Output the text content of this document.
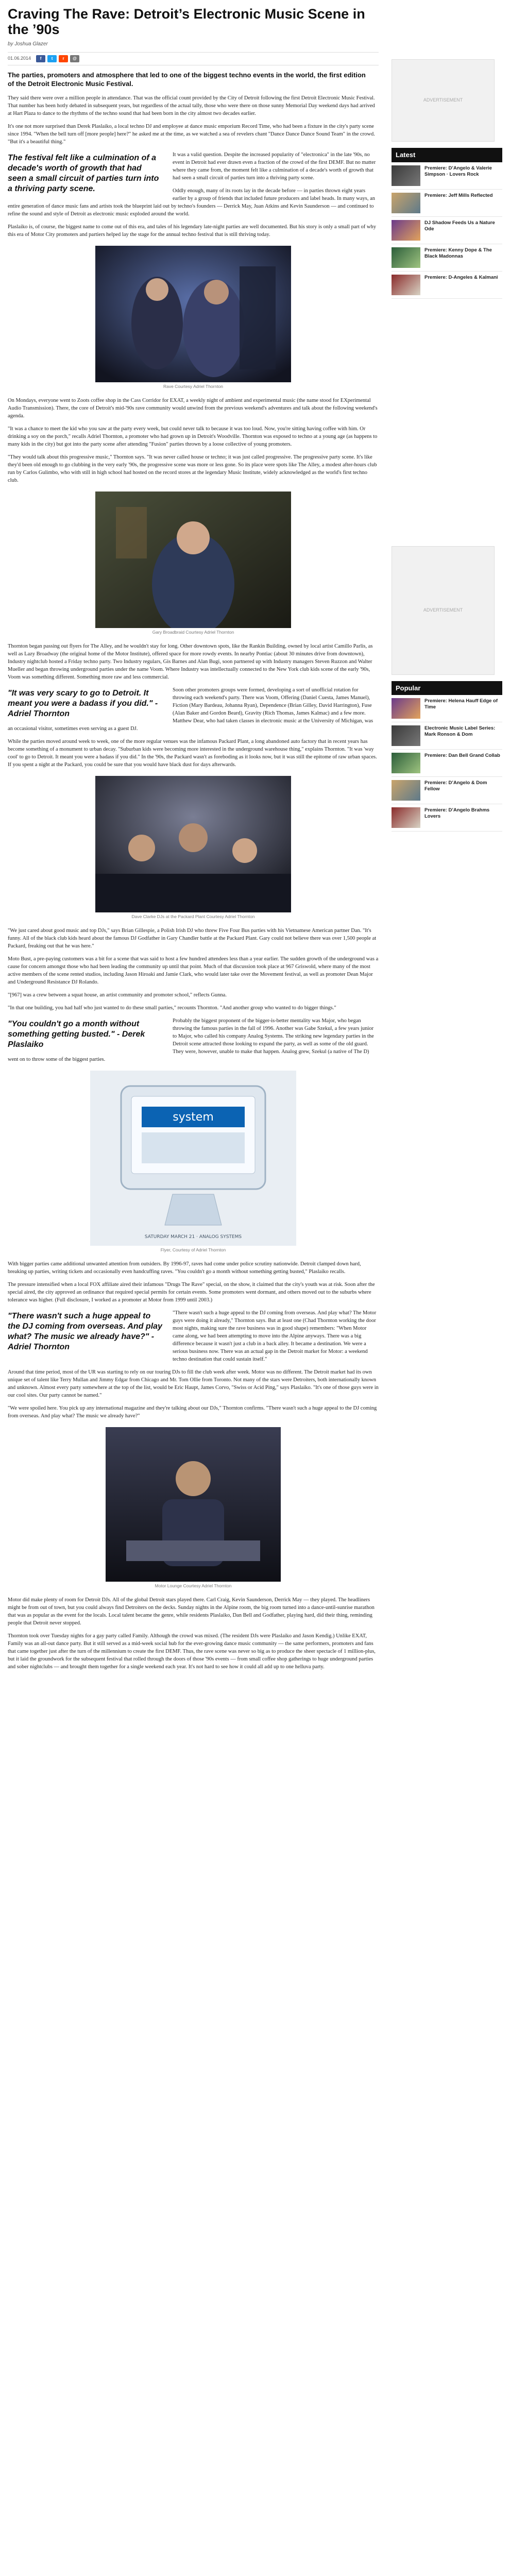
Craving The Rave: Detroit’s Electronic Music Scene in the ’90s
by Joshua Glazer
01.06.2014	f	t	r	@
The parties, promoters and atmosphere that led to one of the biggest techno events in the world, the first edition of the Detroit Electronic Music Festival.

They said there were over a million people in attendance. That was the official count provided by the City of Detroit following the first Detroit Electronic Music Festival. That number has been hotly debated in subsequent years, but regardless of the actual tally, those who were there on those sunny Memorial Day weekend days had arrived at Hart Plaza to dance to the rhythms of the techno sound that had been born in the city almost two decades earlier.

It's one not more surprised than Derek Plaslaiko, a local techno DJ and employee at dance music emporium Record Time, who had been a fixture in the city's party scene since 1994. "When the bell turn off [more people] here?" he asked me at the time, as we watched a sea of revelers chant "Dance Dance Dance Sound Team" in the crowd. "But it's a beautiful thing."

The festival felt like a culmination of a decade's worth of growth that had seen a small circuit of parties turn into a thriving party scene.

It was a valid question. Despite the increased popularity of "electronica" in the late '90s, no event in Detroit had ever drawn even a fraction of the crowd of the first DEMF. But no matter where they came from, the moment felt like a culmination of a decade's worth of growth that had seen a small circuit of parties turn into a thriving party scene.

Oddly enough, many of its roots lay in the decade before — in parties thrown eight years earlier by a group of friends that included future producers and label heads. In many ways, an entire generation of dance music fans and artists took the blueprint laid out by techno's founders — Derrick May, Juan Atkins and Kevin Saunderson — and continued to refine the sound and style of Detroit as electronic music exploded around the world.

Plaslaiko is, of course, the biggest name to come out of this era, and tales of his legendary late-night parties are well documented. But his story is only a small part of why this era of Motor City promoters and partiers helped lay the stage for the annual techno festival that is still thriving today.

Rave Courtesy Adriel Thornton

On Mondays, everyone went to Zoots coffee shop in the Cass Corridor for EXAT, a weekly night of ambient and experimental music (the name stood for EXperimental Audio Transmission). There, the core of Detroit's mid-'90s rave community would unwind from the previous weekend's adventures and talk about the following weekend's agenda.

"It was a chance to meet the kid who you saw at the party every week, but could never talk to because it was too loud. Now, you're sitting having coffee with him. Or drinking a soy on the porch," recalls Adriel Thornton, a promoter who had grown up in Detroit's Woodville. Thornton was exposed to techno at a young age (as happens to many kids in the city) but got into the party scene after attending "Fusion" parties thrown by a loose collective of young promoters.

"They would talk about this progressive music," Thornton says. "It was never called house or techno; it was just called progressive. The progressive party scene. It's like they'd been old enough to go clubbing in the very early '90s, the progressive scene was more or less gone. So its place were spots like The Alley, a modest after-hours club run by Carlos Gulimbo, who with still in high school had hosted on the record stores at the legendary Music Institute, widely acknowledged as the world's first techno club.

Gary Broadbraid Courtesy Adriel Thornton

Thornton began passing out flyers for The Alley, and he wouldn't stay for long. Other downtown spots, like the Rankin Building, owned by local artist Camillo Parlis, as well as Lazy Broadway (the original home of the Motor Institute), offered space for more rowdy events. In nearby Pontiac (about 30 minutes drive from downtown), Industry nightclub hosted a Friday techno party. Two Industry regulars, Gis Barnes and Alan Bugi, soon partnered up with Industry managers Steven Ruzzon and Walter Mueller and began throwing underground parties under the name Voom. Where Industry was intellectually connected to the New York club kids scene of the early '90s, Voom was something different. Something more raw and less commercial.

"It was very scary to go to Detroit. It meant you were a badass if you did." - Adriel Thornton

Soon other promoters groups were formed, developing a sort of unofficial rotation for throwing each weekend's party. There was Voom, Offering (Daniel Cuesta, James Manuel), Fiction (Mary Bardeau, Johanna Ryan), Dependence (Brian Gilley, David Harrington), Fuse (Alan Baker and Gordon Beard), Gravity (Rich Thomas, James Kalmac) and a few more. Matthew Dear, who had taken classes in electronic music at the University of Michigan, was an occasional visitor, sometimes even serving as a guest DJ.

While the parties moved around week to week, one of the more regular venues was the infamous Packard Plant, a long abandoned auto factory that in recent years has become something of a monument to urban decay. "Suburban kids were becoming more interested in the underground warehouse thing," explains Thornton. "It was 'way cool' to go to Detroit. It meant you were a badass if you did." In the '90s, the Packard wasn't as foreboding as it looks now, but it was still the epitome of raw urban spaces. If you spent a night at the Packard, you could be sure that you would have black dust for days afterwards.

Dave Clarke DJs at the Packard Plant Courtesy Adriel Thornton

"We just cared about good music and top DJs," says Brian Gillespie, a Polish Irish DJ who threw Five Four Bus parties with his Vietnamese American partner Dan. "It's funny. All of the black club kids heard about the famous DJ Godfather in Gary Chandler battle at the Packard Plant. Gary could not believe there was over 1,500 people at Packard, freaking out that he was here."

Moto Bust, a pre-paying customers was a bit for a scene that was said to host a few hundred attendees less than a year earlier. The sudden growth of the underground was a cause for concern amongst those who had been leading the community up until that point. Much of that discussion took place at 967 Griswold, where many of the most active members of the scene rented studios, including Jason Hiroaki and Jamie Clark, who would later take over the Movement festival, as well as promoter Dean Major and Underground Resistance DJ Rolando.

"[967] was a crew between a squat house, an artist community and promoter school," reflects Gunna.

"In that one building, you had half who just wanted to do these small parties," recounts Thornton. "And another group who wanted to do bigger things."

"You couldn't go a month without something getting busted." - Derek Plaslaiko

Probably the biggest proponent of the bigger-is-better mentality was Major, who began throwing the famous parties in the fall of 1996. Another was Gabe Szekul, a few years junior to Major, who called his company Analog Systems. The striking new legendary parties in the Detroit scene attracted those looking to expand the party, as well as some of the old guard. They were, however, unable to make that happen. Analog grew, Szekul (a native of The D) went on to throw some of the biggest parties.

system
SATURDAY MARCH 21 · ANALOG SYSTEMS
Flyer, Courtesy of Adriel Thornton

With bigger parties came additional unwanted attention from outsiders. By 1996-97, raves had come under police scrutiny nationwide. Detroit clamped down hard, breaking up parties, writing tickets and occasionally even handcuffing raves. "You couldn't go a month without something getting busted," Plaslaiko recalls.

The pressure intensified when a local FOX affiliate aired their infamous "Drugs The Rave" special, on the show, it claimed that the city's youth was at risk. Soon after the special aired, the city approved an ordinance that required special permits for certain events. Some promoters went dormant, and others moved out to the suburbs where tolerance was higher. (Full disclosure, I worked as a promoter at Motor from 1999 until 2003.)

"There wasn't such a huge appeal to the DJ coming from overseas. And play what? The music we already have?" - Adriel Thornton

"There wasn't such a huge appeal to the DJ coming from overseas. And play what? The Motor guys were doing it already," Thornton says. But at least one (Chad Thornton working the door most nights, making sure the rave business was in good shape) remembers: "When Motor came along, we had been attempting to move into the Alpine anyways. There was a big difference because it wasn't just a club in a back alley. It became a destination. We were a serious business now. There was an actual gap in the Detroit market for Motor: a weekend techno destination that could sustain itself."

Around that time period, most of the UR was starting to rely on our touring DJs to fill the club week after week. Motor was no different. The Detroit market had its own unique set of talent like Terry Mullan and Jimmy Edgar from Chicago and Mr. Tom Ollie from Toronto. Not many of the stars were Detroiters, both internationally known and unknown. Almost every party somewhere at the top of the list, would be Eric Haupt, James Corvo, "Swiss or Acid Ping," says Plaslaiko. "It's one of those guys were in our cool sites. Our party cannot be named."

"We were spoiled here. You pick up any international magazine and they're talking about our DJs," Thornton confirms. "There wasn't such a huge appeal to the DJ coming from overseas. And play what? The music we already have?"

Motor Lounge Courtesy Adriel Thornton

Motor did make plenty of room for Detroit DJs. All of the global Detroit stars played there. Carl Craig, Kevin Saunderson, Derrick May — they played. The headliners might be from out of town, but you could always find Detroiters on the decks. Sunday nights in the Alpine room, the big room turned into a dance-until-sunrise marathon that was as popular as the event for the locals. Local talent became the genre, while residents Plaslaiko, Dan Bell and Godfather, playing hard, did their thing, reminding people that Detroit never stopped.

Thornton took over Tuesday nights for a gay party called Family. Although the crowd was mixed. (The resident DJs were Plaslaiko and Jason Kendig.) Unlike EXAT, Family was an all-out dance party. But it still served as a mid-week social hub for the ever-growing dance music community — the same performers, promoters and fans that came together just after the turn of the millennium to create the first DEMF. Thus, the rave scene was never so big as to produce the sheer spectacle of 1 million-plus, but it laid the groundwork for the subsequent festival that rolled through the doors of those '90s events — from small coffee shop gatherings to huge underground parties and sober nightclubs — and brought them together for a single weekend each year. It's not hard to see how it could all add up to one helluva party.

ADVERTISEMENT
Latest
Premiere: D’Angelo & Valerie Simpson · Lovers Rock
Premiere: Jeff Mills Reflected
DJ Shadow Feeds Us a Nature Ode
Premiere: Kenny Dope & The Black Madonnas
Premiere: D-Angeles & Kalmani
ADVERTISEMENT
Popular
Premiere: Helena Hauff Edge of Time
Electronic Music Label Series: Mark Ronson & Dom
Premiere: Dan Bell Grand Collab
Premiere: D’Angelo & Dom Fellow
Premiere: D’Angelo Brahms Lovers
